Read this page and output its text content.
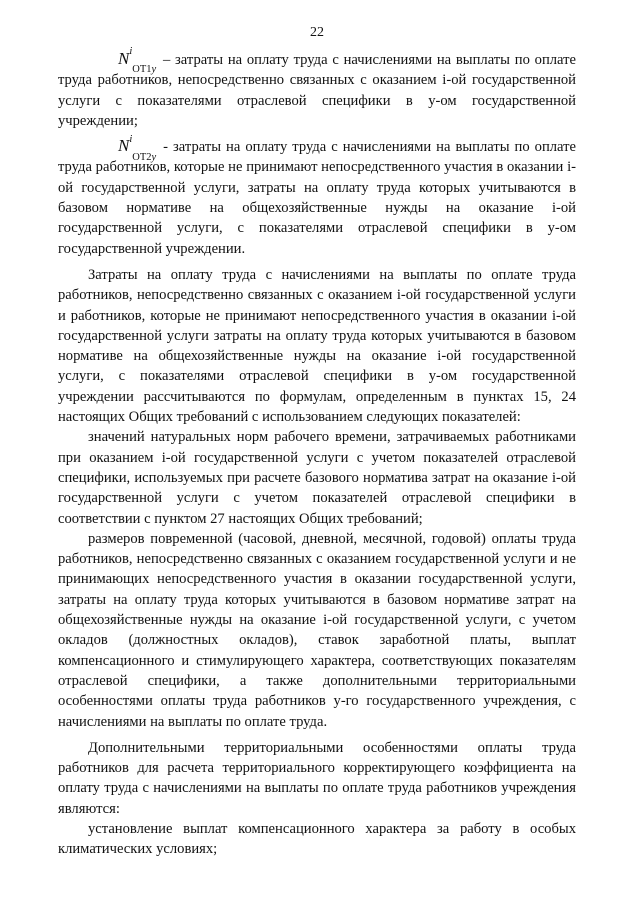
22

$N^i_{OT1y}$ – затраты на оплату труда с начислениями на выплаты по оплате труда работников, непосредственно связанных с оказанием i-ой государственной услуги с показателями отраслевой специфики в y-ом государственной учреждении;

$N^i_{OT2y}$ - затраты на оплату труда с начислениями на выплаты по оплате труда работников, которые не принимают непосредственного участия в оказании i-ой государственной услуги, затраты на оплату труда которых учитываются в базовом нормативе на общехозяйственные нужды на оказание i-ой государственной услуги, с показателями отраслевой специфики в y-ом государственной учреждении.

Затраты на оплату труда с начислениями на выплаты по оплате труда работников, непосредственно связанных с оказанием i-ой государственной услуги и работников, которые не принимают непосредственного участия в оказании i-ой государственной услуги затраты на оплату труда которых учитываются в базовом нормативе на общехозяйственные нужды на оказание i-ой государственной услуги, с показателями отраслевой специфики в y-ом государственной учреждении рассчитываются по формулам, определенным в пунктах 15, 24 настоящих Общих требований с использованием следующих показателей:

значений натуральных норм рабочего времени, затрачиваемых работниками при оказанием i-ой государственной услуги с учетом показателей отраслевой специфики, используемых при расчете базового норматива затрат на оказание i-ой государственной услуги с учетом показателей отраслевой специфики в соответствии с пунктом 27 настоящих Общих требований;

размеров повременной (часовой, дневной, месячной, годовой) оплаты труда работников, непосредственно связанных с оказанием государственной услуги и не принимающих непосредственного участия в оказании государственной услуги, затраты на оплату труда которых учитываются в базовом нормативе затрат на общехозяйственные нужды на оказание i-ой государственной услуги, с учетом окладов (должностных окладов), ставок заработной платы, выплат компенсационного и стимулирующего характера, соответствующих показателям отраслевой специфики, а также дополнительными территориальными особенностями оплаты труда работников y-го государственного учреждения, с начислениями на выплаты по оплате труда.

Дополнительными территориальными особенностями оплаты труда работников для расчета территориального корректирующего коэффициента на оплату труда с начислениями на выплаты по оплате труда работников учреждения являются:

установление выплат компенсационного характера за работу в особых климатических условиях;
